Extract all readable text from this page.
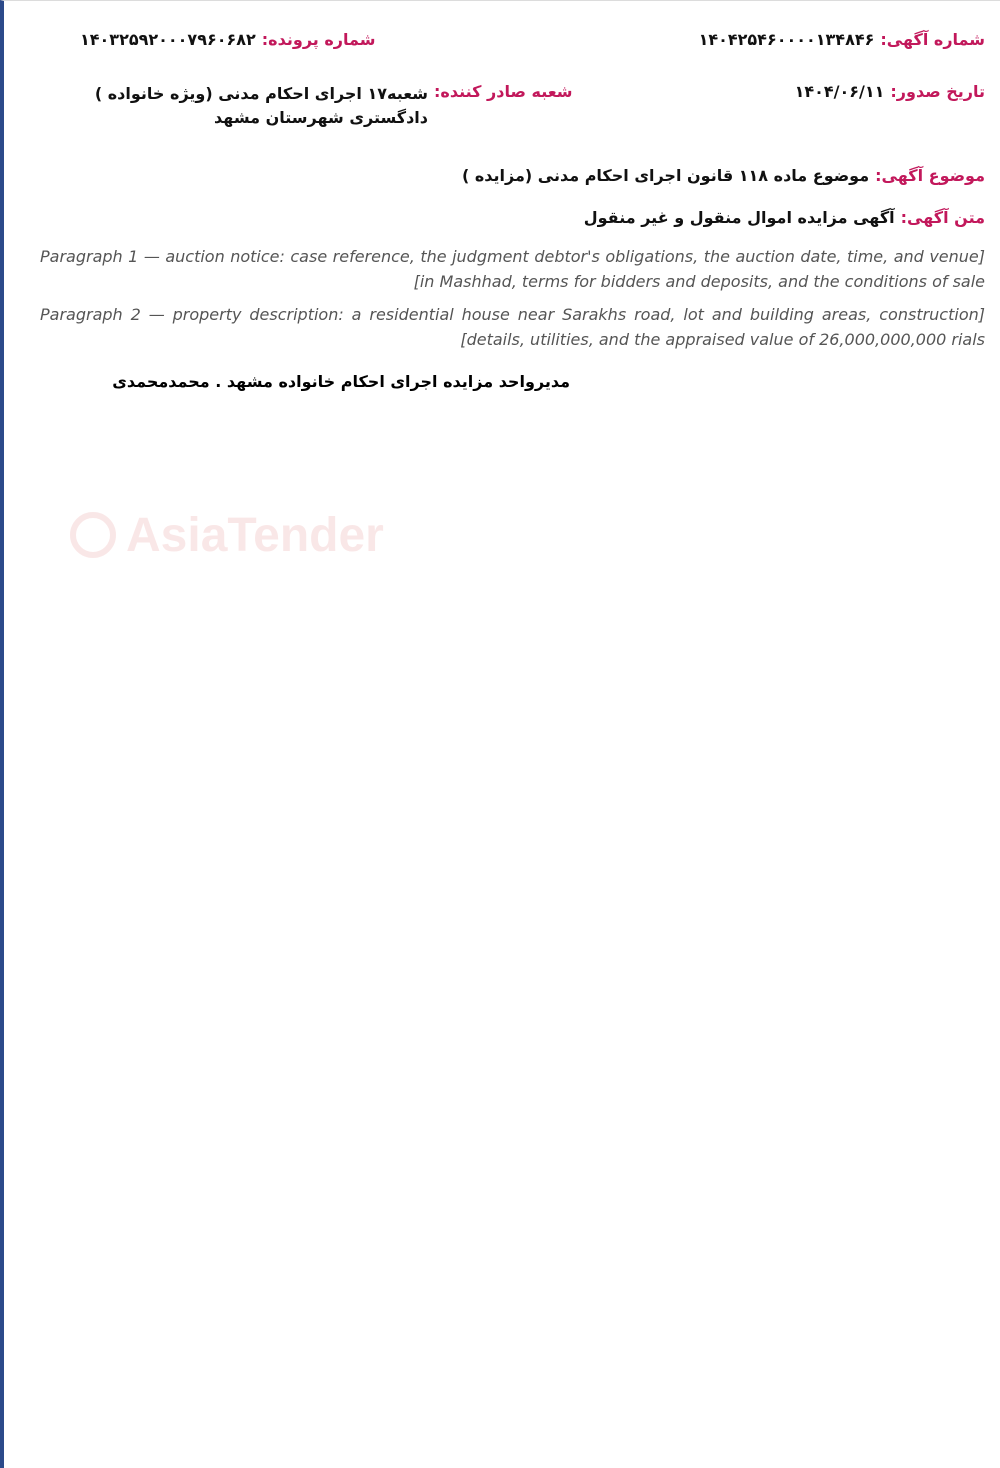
AsiaTender
شماره آگهی:
۱۴۰۴۲۵۴۶۰۰۰۰۱۳۴۸۴۶
شماره پرونده:
۱۴۰۳۲۵۹۲۰۰۰۷۹۶۰۶۸۲
تاریخ صدور:
۱۴۰۴/۰۶/۱۱
شعبه صادر کننده:
شعبه۱۷ اجرای احکام مدنی (ویژه خانواده ) دادگستری شهرستان مشهد
موضوع آگهی:
موضوع ماده ۱۱۸ قانون اجرای احکام مدنی (مزایده )
متن آگهی:
آگهی مزایده اموال منقول و غیر منقول

[Paragraph 1 — auction notice: case reference, the judgment debtor's obligations, the auction date, time, and venue in Mashhad, terms for bidders and deposits, and the conditions of sale]

[Paragraph 2 — property description: a residential house near Sarakhs road, lot and building areas, construction details, utilities, and the appraised value of 26,000,000,000 rials]

مدیرواحد مزایده اجرای احکام خانواده مشهد . محمدمحمدی
